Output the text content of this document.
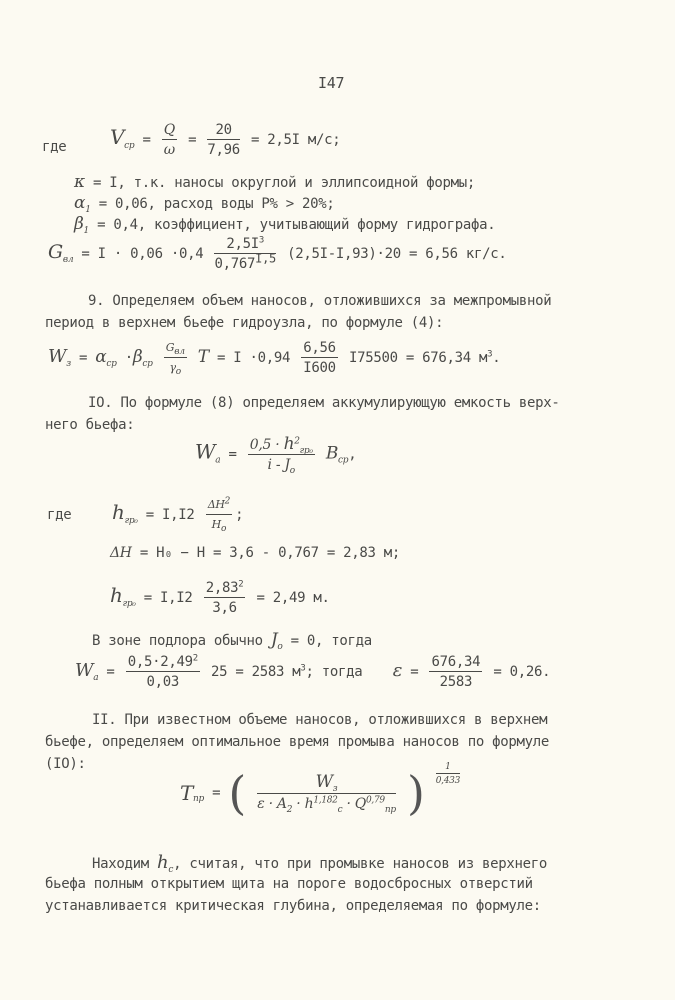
I47
где $V_{ср} = \frac{Q}{\omega} = \frac{20}{7,96} = 2,5I$ м/с;
κ = I, т.к. наносы округлой и эллипсоидной формы;
$\alpha_1 = 0,06$, расход воды Р% > 20%;
$\beta_1 = 0,4$, коэффициент, учитывающий форму гидрографа.
$G_{вл} = I \cdot 0,06 \cdot 0,4 \frac{2,5I^3}{0,767^{I,5}} (2,5I-I,93)\cdot 20 = 6,56$ кг/с.
9. Определяем объем наносов, отложившихся за межпромывной
период в верхнем бьефе гидроузла, по формуле (4):
$W_з = \alpha_{ср} \cdot\beta_{ср} \frac{G_{вл}}{\gamma_о}$ $T = I \cdot 0,94 \frac{6,56}{I600} I75500 = 676,34$ $м^3$.
IO. По формуле (8) определяем аккумулирующую емкость верх-
него бьефа:
$W_a = \frac{0,5 \cdot h^2_{гр_0}}{i - J_o} B_{ср}$,
где $h_{гр_0} = I,I2 \frac{\Delta H^2}{H_о}$ ;
ΔH = H₀ − H = 3,6 - 0,767 = 2,83 м;
$h_{гр_0} = I,I2 \frac{2,83^2}{3,6} = 2,49$ м.
В зоне подлора обычно $J_о = 0$, тогда
$W_a = \frac{0,5\cdot 2,49^2}{0,03} 25 = 2583$ $м^3$; тогда $\varepsilon = \frac{676,34}{2583} = 0,26$.
II. При известном объеме наносов, отложившихся в верхнем
бьефе, определяем оптимальное время промыва наносов по формуле
(IO):
$T_{пр}$ = ( $\frac{W_з}{\varepsilon \cdot A_2 \cdot h^{1,182}_c \cdot Q^{0,79}_{пр}}$ ) $\frac{1}{0,433}$
Находим $h_c$, считая, что при промывке наносов из верхнего
бьефа полным открытием щита на пороге водосбросных отверстий
устанавливается критическая глубина, определяемая по формуле:
